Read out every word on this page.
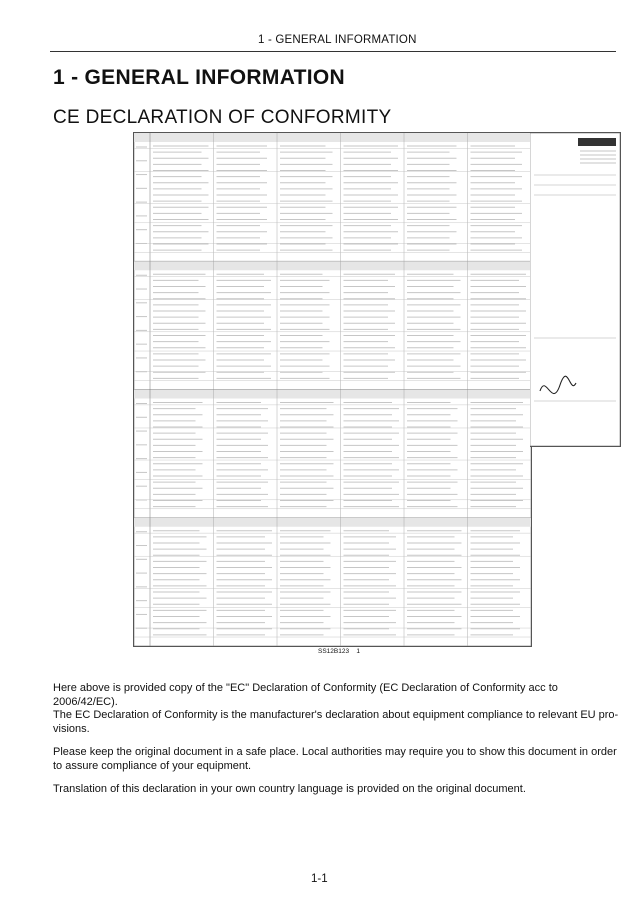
1 - GENERAL INFORMATION
1 - GENERAL INFORMATION
CE DECLARATION OF CONFORMITY
SS12B123 1

Here above is provided copy of the "EC" Declaration of Conformity (EC Declaration of Conformity acc to 2006/42/EC).

The EC Declaration of Conformity is the manufacturer's declaration about equipment compliance to relevant EU pro-visions.

Please keep the original document in a safe place. Local authorities may require you to show this document in order to assure compliance of your equipment.

Translation of this declaration in your own country language is provided on the original document.

1-1
